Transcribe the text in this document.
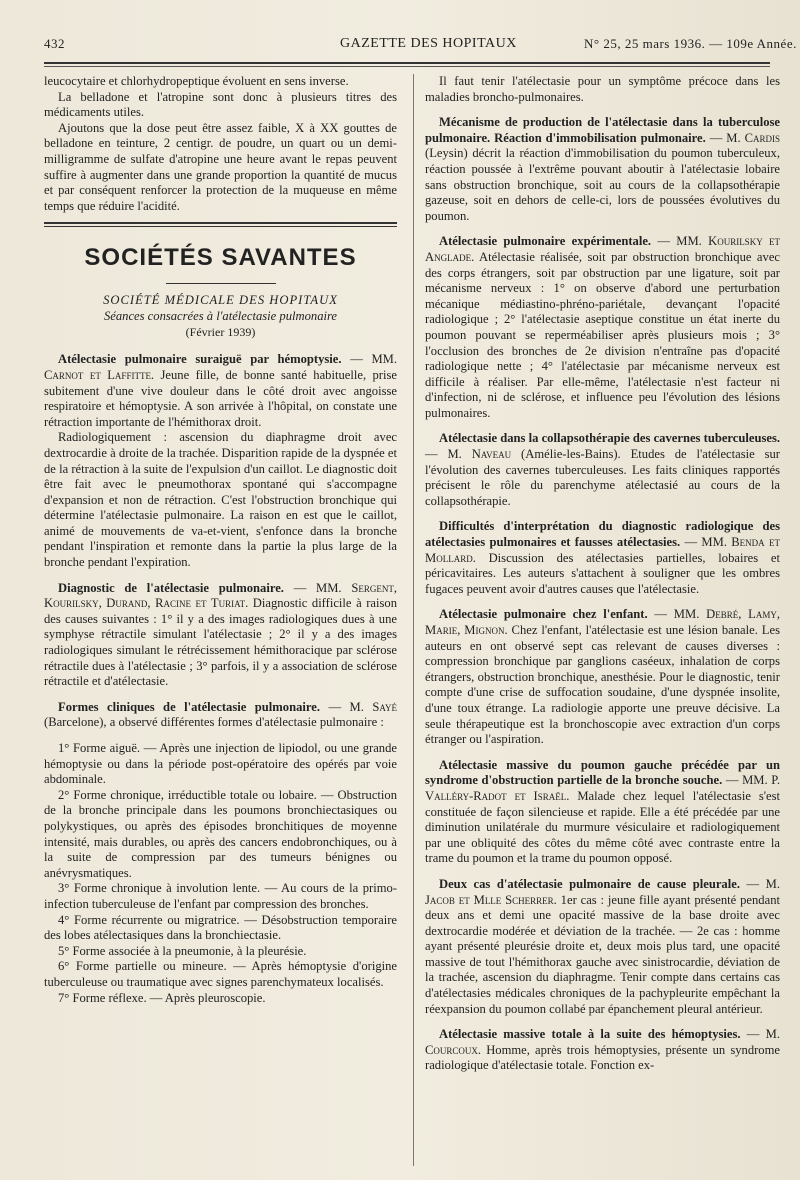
432	GAZETTE DES HOPITAUX	N° 25, 25 mars 1936. — 109e Année.

leucocytaire et chlorhydropeptique évoluent en sens inverse.

La belladone et l'atropine sont donc à plusieurs titres des médicaments utiles.

Ajoutons que la dose peut être assez faible, X à XX gouttes de belladone en teinture, 2 centigr. de poudre, un quart ou un demi-milligramme de sulfate d'atropine une heure avant le repas peuvent suffire à augmenter dans une grande proportion la quantité de mucus et par conséquent renforcer la protection de la muqueuse en même temps que réduire l'acidité.

SOCIÉTÉS SAVANTES
SOCIÉTÉ MÉDICALE DES HOPITAUX
Séances consacrées à l'atélectasie pulmonaire
(Février 1939)

Atélectasie pulmonaire suraiguë par hémoptysie. — MM. Carnot et Laffitte. Jeune fille, de bonne santé habituelle, prise subitement d'une vive douleur dans le côté droit avec angoisse respiratoire et hémoptysie. A son arrivée à l'hôpital, on constate une rétraction importante de l'hémithorax droit.

Radiologiquement : ascension du diaphragme droit avec dextrocardie à droite de la trachée. Disparition rapide de la dyspnée et de la rétraction à la suite de l'expulsion d'un caillot. Le diagnostic doit être fait avec le pneumothorax spontané qui s'accompagne d'expansion et non de rétraction. C'est l'obstruction bronchique qui détermine l'atélectasie pulmonaire. La raison en est que le caillot, animé de mouvements de va-et-vient, s'enfonce dans la bronche pendant l'inspiration et remonte dans la partie la plus large de la bronche pendant l'expiration.

Diagnostic de l'atélectasie pulmonaire. — MM. Sergent, Kourilsky, Durand, Racine et Turiat. Diagnostic difficile à raison des causes suivantes : 1° il y a des images radiologiques dues à une symphyse rétractile simulant l'atélectasie ; 2° il y a des images radiologiques simulant le rétrécissement hémithoracique par sclérose rétractile dues à l'atélectasie ; 3° parfois, il y a association de sclérose rétractile et d'atélectasie.

Formes cliniques de l'atélectasie pulmonaire. — M. Sayé (Barcelone), a observé différentes formes d'atélectasie pulmonaire :

1° Forme aiguë. — Après une injection de lipiodol, ou une grande hémoptysie ou dans la période post-opératoire des opérés par voie abdominale.

2° Forme chronique, irréductible totale ou lobaire. — Obstruction de la bronche principale dans les poumons bronchiectasiques ou polykystiques, ou après des épisodes bronchitiques de moyenne intensité, mais durables, ou après des cancers endobronchiques, ou à la suite de compression par des tumeurs bénignes ou anévrysmatiques.

3° Forme chronique à involution lente. — Au cours de la primo-infection tuberculeuse de l'enfant par compression des bronches.

4° Forme récurrente ou migratrice. — Désobstruction temporaire des lobes atélectasiques dans la bronchiectasie.

5° Forme associée à la pneumonie, à la pleurésie.

6° Forme partielle ou mineure. — Après hémoptysie d'origine tuberculeuse ou traumatique avec signes parenchymateux localisés.

7° Forme réflexe. — Après pleuroscopie.

Il faut tenir l'atélectasie pour un symptôme précoce dans les maladies broncho-pulmonaires.

Mécanisme de production de l'atélectasie dans la tuberculose pulmonaire. Réaction d'immobilisation pulmonaire. — M. Cardis (Leysin) décrit la réaction d'immobilisation du poumon tuberculeux, réaction poussée à l'extrême pouvant aboutir à l'atélectasie lobaire sans obstruction bronchique, soit au cours de la collapsothérapie gazeuse, soit en dehors de celle-ci, lors de poussées évolutives du poumon.

Atélectasie pulmonaire expérimentale. — MM. Kourilsky et Anglade. Atélectasie réalisée, soit par obstruction bronchique avec des corps étrangers, soit par obstruction par une ligature, soit par mécanisme nerveux : 1° on observe d'abord une perturbation mécanique médiastino-phréno-pariétale, devançant l'opacité radiologique ; 2° l'atélectasie aseptique constitue un état inerte du poumon pouvant se reperméabiliser après plusieurs mois ; 3° l'occlusion des bronches de 2e division n'entraîne pas d'opacité radiologique nette ; 4° l'atélectasie par mécanisme nerveux est difficile à réaliser. Par elle-même, l'atélectasie n'est facteur ni d'infection, ni de sclérose, et influence peu l'évolution des lésions pulmonaires.

Atélectasie dans la collapsothérapie des cavernes tuberculeuses. — M. Naveau (Amélie-les-Bains). Etudes de l'atélectasie sur l'évolution des cavernes tuberculeuses. Les faits cliniques rapportés précisent le rôle du parenchyme atélectasié au cours de la collapsothérapie.

Difficultés d'interprétation du diagnostic radiologique des atélectasies pulmonaires et fausses atélectasies. — MM. Benda et Mollard. Discussion des atélectasies partielles, lobaires et péricavitaires. Les auteurs s'attachent à souligner que les ombres fugaces peuvent avoir d'autres causes que l'atélectasie.

Atélectasie pulmonaire chez l'enfant. — MM. Debré, Lamy, Marie, Mignon. Chez l'enfant, l'atélectasie est une lésion banale. Les auteurs en ont observé sept cas relevant de causes diverses : compression bronchique par ganglions caséeux, inhalation de corps étrangers, obstruction bronchique, anesthésie. Pour le diagnostic, tenir compte d'une crise de suffocation soudaine, d'une dyspnée insolite, d'une toux étrange. La radiologie apporte une preuve décisive. La seule thérapeutique est la bronchoscopie avec extraction d'un corps étranger ou l'aspiration.

Atélectasie massive du poumon gauche précédée par un syndrome d'obstruction partielle de la bronche souche. — MM. P. Valléry-Radot et Israël. Malade chez lequel l'atélectasie s'est constituée de façon silencieuse et rapide. Elle a été précédée par une diminution unilatérale du murmure vésiculaire et radiologiquement par une obliquité des côtes du même côté avec contraste entre la trame du poumon et la trame du poumon opposé.

Deux cas d'atélectasie pulmonaire de cause pleurale. — M. Jacob et Mlle Scherrer. 1er cas : jeune fille ayant présenté pendant deux ans et demi une opacité massive de la base droite avec dextrocardie modérée et déviation de la trachée. — 2e cas : homme ayant présenté pleurésie droite et, deux mois plus tard, une opacité massive de tout l'hémithorax gauche avec sinistrocardie, déviation de la trachée, ascension du diaphragme. Tenir compte dans certains cas d'atélectasies médicales chroniques de la pachypleurite empêchant la réexpansion du poumon collabé par épanchement pleural antérieur.

Atélectasie massive totale à la suite des hémoptysies. — M. Courcoux. Homme, après trois hémoptysies, présente un syndrome radiologique d'atélectasie totale. Fonction ex-
